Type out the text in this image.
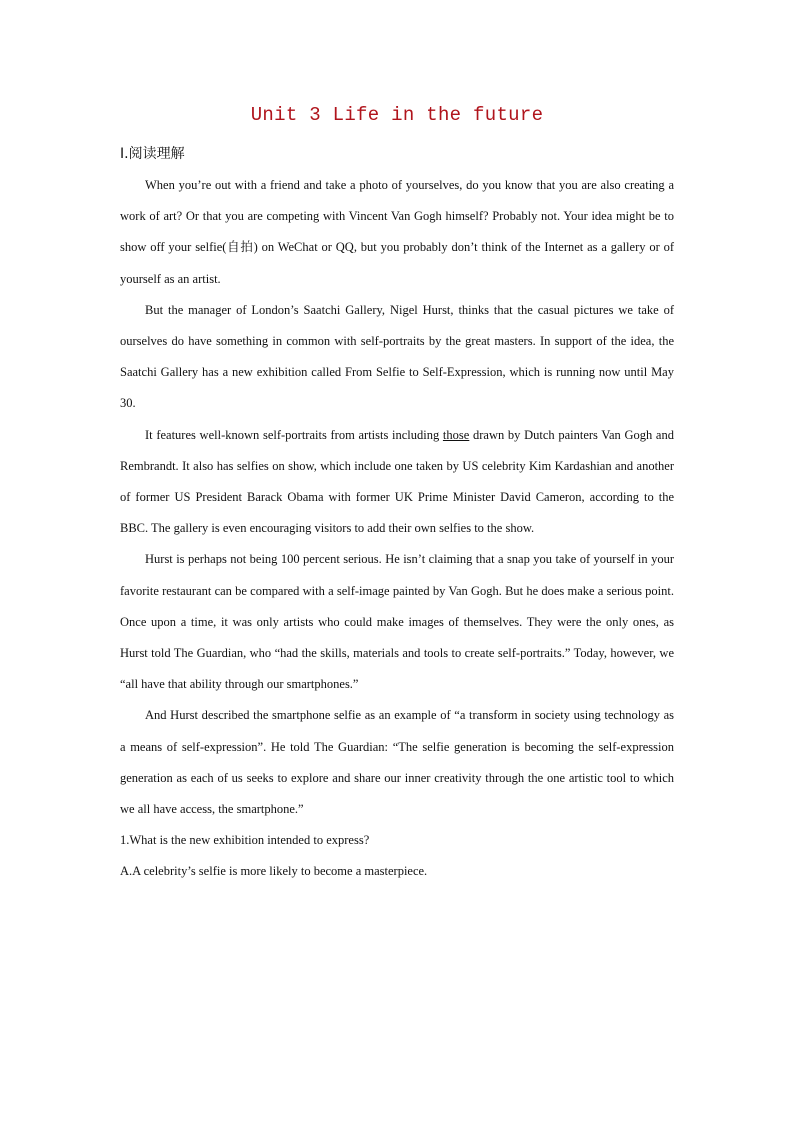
Unit 3 Life in the future
Ⅰ.阅读理解

When you’re out with a friend and take a photo of yourselves, do you know that you are also creating a work of art? Or that you are competing with Vincent Van Gogh himself? Probably not. Your idea might be to show off your selfie(自拍) on WeChat or QQ, but you probably don’t think of the Internet as a gallery or of yourself as an artist.

But the manager of London’s Saatchi Gallery, Nigel Hurst, thinks that the casual pictures we take of ourselves do have something in common with self-portraits by the great masters. In support of the idea, the Saatchi Gallery has a new exhibition called From Selfie to Self-Expression, which is running now until May 30.

It features well-known self-portraits from artists including those drawn by Dutch painters Van Gogh and Rembrandt. It also has selfies on show, which include one taken by US celebrity Kim Kardashian and another of former US President Barack Obama with former UK Prime Minister David Cameron, according to the BBC. The gallery is even encouraging visitors to add their own selfies to the show.

Hurst is perhaps not being 100 percent serious. He isn’t claiming that a snap you take of yourself in your favorite restaurant can be compared with a self-image painted by Van Gogh. But he does make a serious point. Once upon a time, it was only artists who could make images of themselves. They were the only ones, as Hurst told The Guardian, who “had the skills, materials and tools to create self-portraits.” Today, however, we “all have that ability through our smartphones.”

And Hurst described the smartphone selfie as an example of “a transform in society using technology as a means of self-expression”. He told The Guardian: “The selfie generation is becoming the self-expression generation as each of us seeks to explore and share our inner creativity through the one artistic tool to which we all have access, the smartphone.”

1.What is the new exhibition intended to express?

A.A celebrity’s selfie is more likely to become a masterpiece.
